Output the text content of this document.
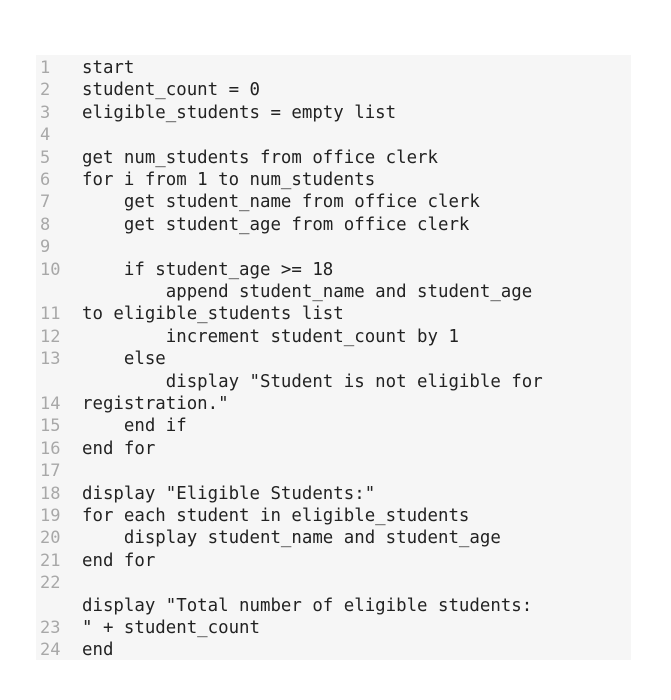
1 start
2 student_count = 0
3 eligible_students = empty list
4
5 get num_students from office clerk
6 for i from 1 to num_students
7 get student_name from office clerk
8 get student_age from office clerk
9
10 if student_age >= 18
append student_name and student_age
11 to eligible_students list
12 increment student_count by 1
13 else
display "Student is not eligible for
14 registration."
15 end if
16 end for
17
18 display "Eligible Students:"
19 for each student in eligible_students
20 display student_name and student_age
21 end for
22
display "Total number of eligible students:
23 " + student_count
24 end
